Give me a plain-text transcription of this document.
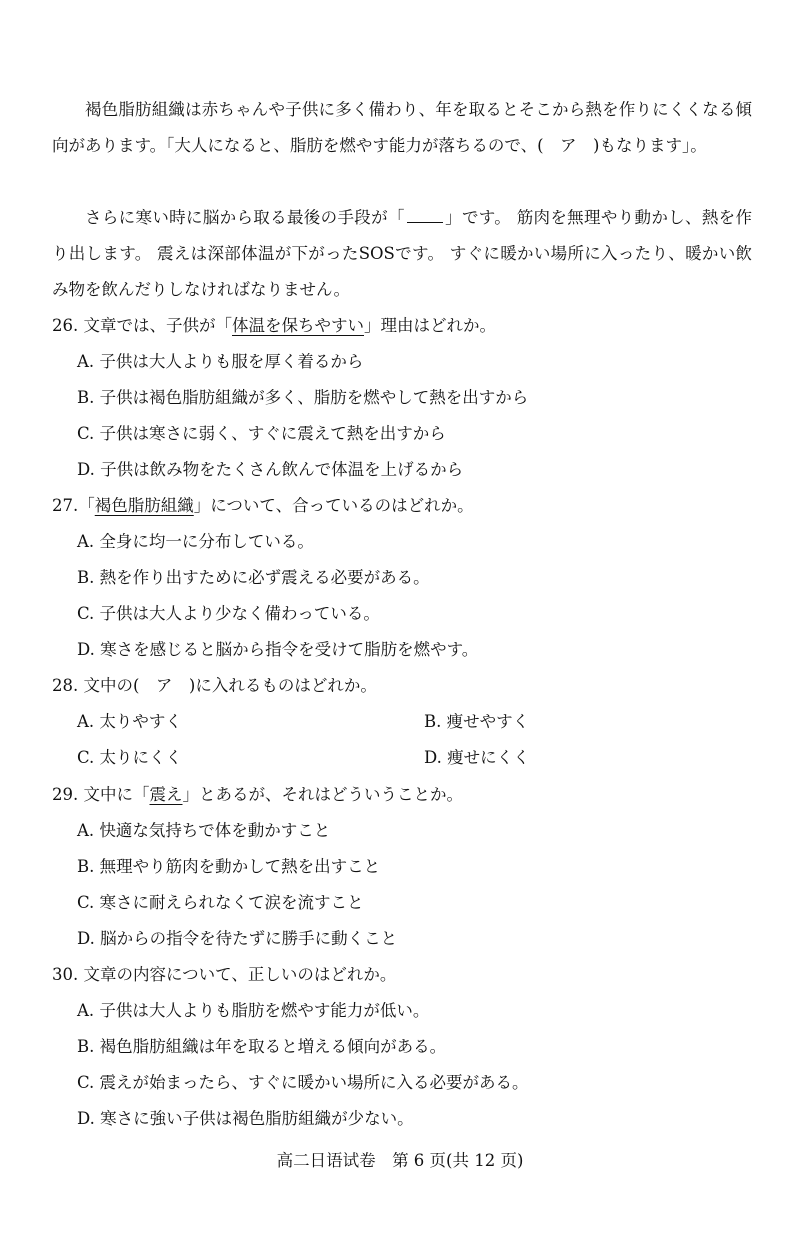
褐色脂肪組織は赤ちゃんや子供に多く備わり、年を取るとそこから熱を作りにくくなる傾向があります。「大人になると、脂肪を燃やす能力が落ちるので、(　ア　)もなります」。

さらに寒い時に脳から取る最後の手段が「 」です。 筋肉を無理やり動かし、熱を作り出します。 震えは深部体温が下がったSOSです。 すぐに暖かい場所に入ったり、暖かい飲み物を飲んだりしなければなりません。

26. 文章では、子供が「体温を保ちやすい」理由はどれか。
A. 子供は大人よりも服を厚く着るから
B. 子供は褐色脂肪組織が多く、脂肪を燃やして熱を出すから
C. 子供は寒さに弱く、すぐに震えて熱を出すから
D. 子供は飲み物をたくさん飲んで体温を上げるから
27.「褐色脂肪組織」について、合っているのはどれか。
A. 全身に均一に分布している。
B. 熱を作り出すために必ず震える必要がある。
C. 子供は大人より少なく備わっている。
D. 寒さを感じると脳から指令を受けて脂肪を燃やす。
28. 文中の(　ア　)に入れるものはどれか。
A. 太りやすく	B. 痩せやすく
C. 太りにくく	D. 痩せにくく
29. 文中に「震え」とあるが、それはどういうことか。
A. 快適な気持ちで体を動かすこと
B. 無理やり筋肉を動かして熱を出すこと
C. 寒さに耐えられなくて涙を流すこと
D. 脳からの指令を待たずに勝手に動くこと
30. 文章の内容について、正しいのはどれか。
A. 子供は大人よりも脂肪を燃やす能力が低い。
B. 褐色脂肪組織は年を取ると増える傾向がある。
C. 震えが始まったら、すぐに暖かい場所に入る必要がある。
D. 寒さに強い子供は褐色脂肪組織が少ない。
高二日语试卷　第 6 页(共 12 页)
